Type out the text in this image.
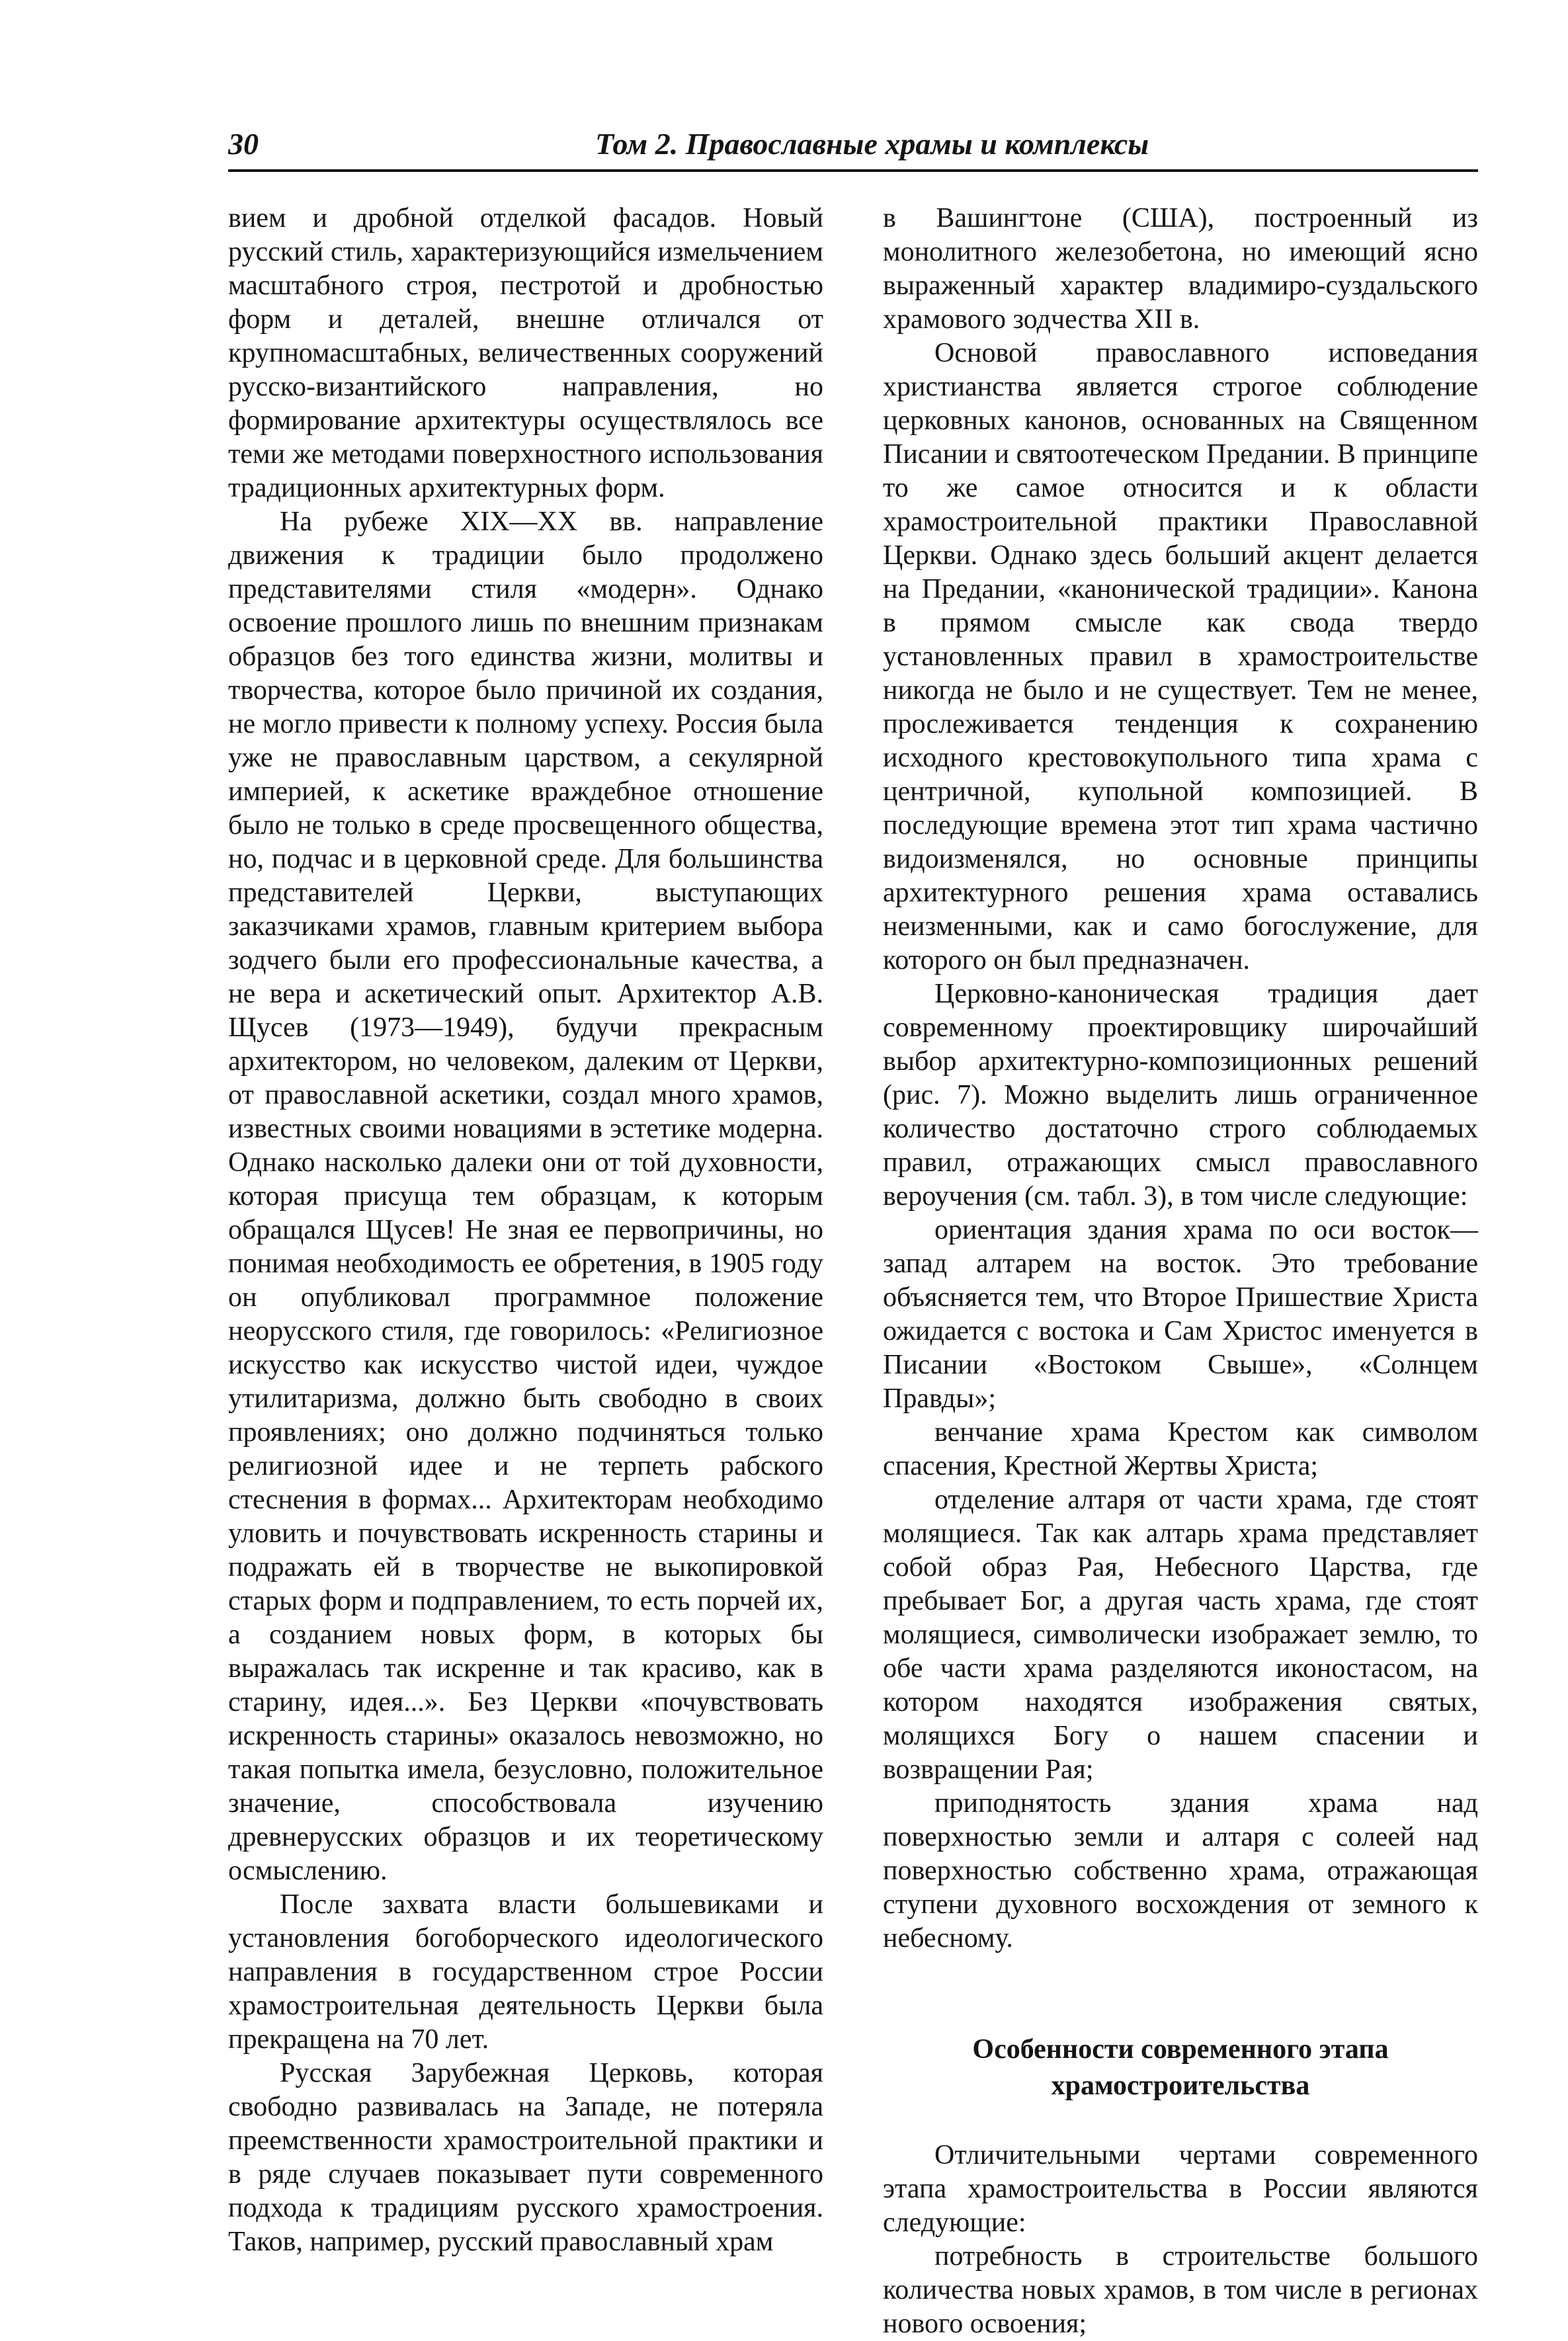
30	Том 2. Православные храмы и комплексы

вием и дробной отделкой фасадов. Новый русский стиль, характеризующийся измельчением масштабного строя, пестротой и дробностью форм и деталей, внешне отличался от крупномасштабных, величественных сооружений русско-византийского направления, но формирование архитектуры осуществлялось все теми же методами поверхностного использования традиционных архитектурных форм.

На рубеже XIX—XX вв. направление движения к традиции было продолжено представителями стиля «модерн». Однако освоение прошлого лишь по внешним признакам образцов без того единства жизни, молитвы и творчества, которое было причиной их создания, не могло привести к полному успеху. Россия была уже не православным царством, а секулярной империей, к аскетике враждебное отношение было не только в среде просвещенного общества, но, подчас и в церковной среде. Для большинства представителей Церкви, выступающих заказчиками храмов, главным критерием выбора зодчего были его профессиональные качества, а не вера и аскетический опыт. Архитектор А.В. Щусев (1973—1949), будучи прекрасным архитектором, но человеком, далеким от Церкви, от православной аскетики, создал много храмов, известных своими новациями в эстетике модерна. Однако насколько далеки они от той духовности, которая присуща тем образцам, к которым обращался Щусев! Не зная ее первопричины, но понимая необходимость ее обретения, в 1905 году он опубликовал программное положение неорусского стиля, где говорилось: «Религиозное искусство как искусство чистой идеи, чуждое утилитаризма, должно быть свободно в своих проявлениях; оно должно подчиняться только религиозной идее и не терпеть рабского стеснения в формах... Архитекторам необходимо уловить и почувствовать искренность старины и подражать ей в творчестве не выкопировкой старых форм и подправлением, то есть порчей их, а созданием новых форм, в которых бы выражалась так искренне и так красиво, как в старину, идея...». Без Церкви «почувствовать искренность старины» оказалось невозможно, но такая попытка имела, безусловно, положительное значение, способствовала изучению древнерусских образцов и их теоретическому осмыслению.

После захвата власти большевиками и установления богоборческого идеологического направления в государственном строе России храмостроительная деятельность Церкви была прекращена на 70 лет.

Русская Зарубежная Церковь, которая свободно развивалась на Западе, не потеряла преемственности храмостроительной практики и в ряде случаев показывает пути современного подхода к традициям русского храмостроения. Таков, например, русский православный храм

в Вашингтоне (США), построенный из монолитного железобетона, но имеющий ясно выраженный характер владимиро-суздальского храмового зодчества XII в.

Основой православного исповедания христианства является строгое соблюдение церковных канонов, основанных на Священном Писании и святоотеческом Предании. В принципе то же самое относится и к области храмостроительной практики Православной Церкви. Однако здесь больший акцент делается на Предании, «канонической традиции». Канона в прямом смысле как свода твердо установленных правил в храмостроительстве никогда не было и не существует. Тем не менее, прослеживается тенденция к сохранению исходного крестовокупольного типа храма с центричной, купольной композицией. В последующие времена этот тип храма частично видоизменялся, но основные принципы архитектурного решения храма оставались неизменными, как и само богослужение, для которого он был предназначен.

Церковно-каноническая традиция дает современному проектировщику широчайший выбор архитектурно-композиционных решений (рис. 7). Можно выделить лишь ограниченное количество достаточно строго соблюдаемых правил, отражающих смысл православного вероучения (см. табл. 3), в том числе следующие:

ориентация здания храма по оси восток—запад алтарем на восток. Это требование объясняется тем, что Второе Пришествие Христа ожидается с востока и Сам Христос именуется в Писании «Востоком Свыше», «Солнцем Правды»;

венчание храма Крестом как символом спасения, Крестной Жертвы Христа;

отделение алтаря от части храма, где стоят молящиеся. Так как алтарь храма представляет собой образ Рая, Небесного Царства, где пребывает Бог, а другая часть храма, где стоят молящиеся, символически изображает землю, то обе части храма разделяются иконостасом, на котором находятся изображения святых, молящихся Богу о нашем спасении и возвращении Рая;

приподнятость здания храма над поверхностью земли и алтаря с солеей над поверхностью собственно храма, отражающая ступени духовного восхождения от земного к небесному.

Особенности современного этапа храмостроительства

Отличительными чертами современного этапа храмостроительства в России являются следующие:

потребность в строительстве большого количества новых храмов, в том числе в регионах нового освоения;
